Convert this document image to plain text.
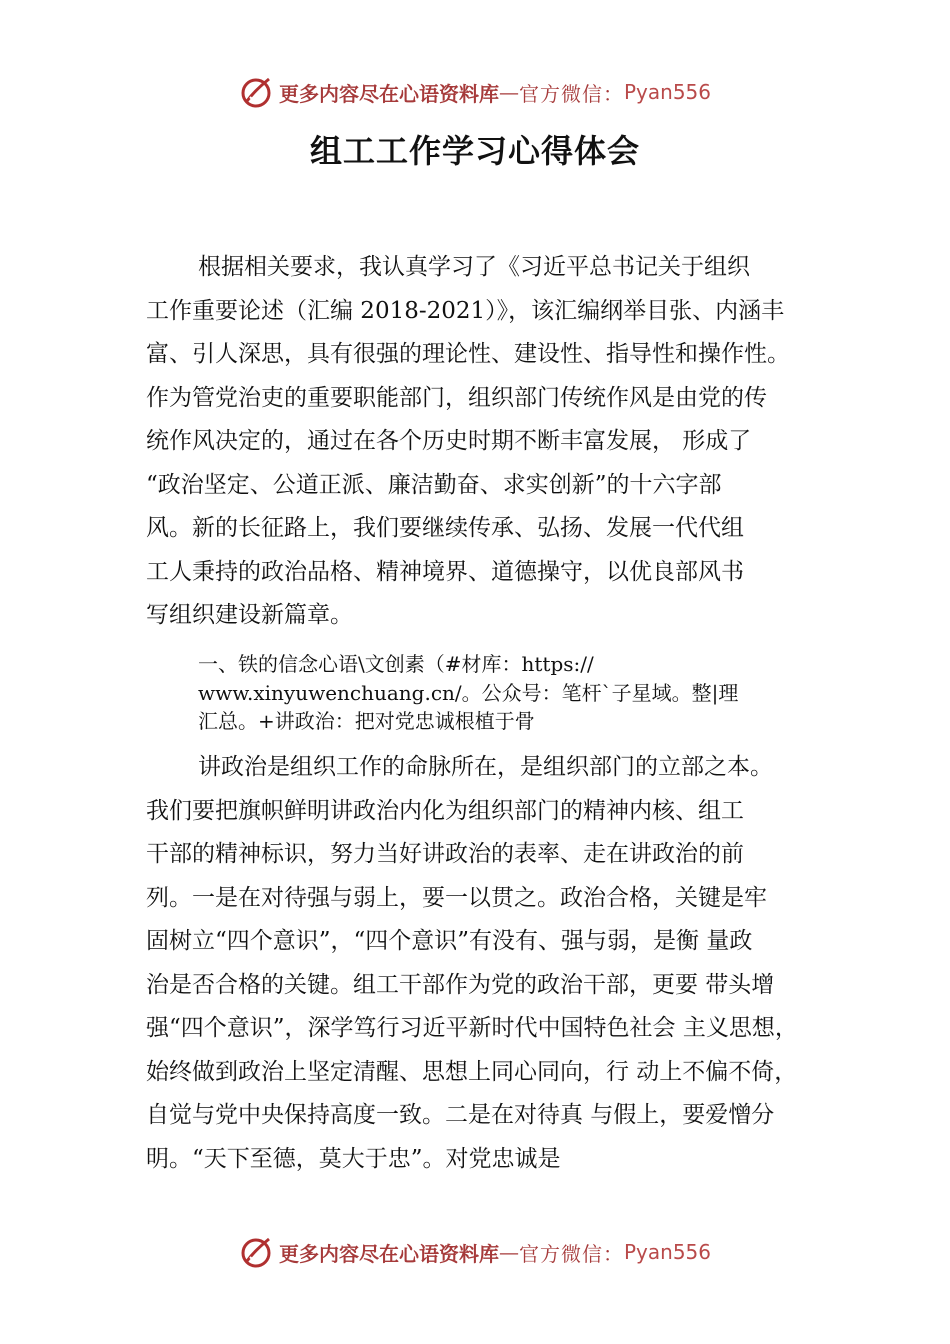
更多内容尽在心语资料库 — 官方微信： Pyan556
组工工作学习心得体会
根据相关要求，我认真学习了《习近平总书记关于组织
工作重要论述（汇编 2018-2021）》，该汇编纲举目张、内涵丰
富、引人深思，具有很强的理论性、建设性、指导性和操作性。
作为管党治吏的重要职能部门，组织部门传统作风是由党的传
统作风决定的，通过在各个历史时期不断丰富发展， 形成了
“政治坚定、公道正派、廉洁勤奋、求实创新”的十六字部
风。新的长征路上，我们要继续传承、弘扬、发展一代代组
工人秉持的政治品格、精神境界、道德操守，以优良部风书
写组织建设新篇章。
一、铁的信念心语\文创素（#材库：https://
www.xinyuwenchuang.cn/。公众号：笔杆`子星域。整|理
汇总。+讲政治：把对党忠诚根植于骨
讲政治是组织工作的命脉所在，是组织部门的立部之本。
我们要把旗帜鲜明讲政治内化为组织部门的精神内核、组工
干部的精神标识，努力当好讲政治的表率、走在讲政治的前
列。一是在对待强与弱上，要一以贯之。政治合格，关键是牢
固树立“四个意识”，“四个意识”有没有、强与弱，是衡 量政
治是否合格的关键。组工干部作为党的政治干部，更要 带头增
强“四个意识”，深学笃行习近平新时代中国特色社会 主义思想，
始终做到政治上坚定清醒、思想上同心同向，行 动上不偏不倚，
自觉与党中央保持高度一致。二是在对待真 与假上，要爱憎分
明。“天下至德，莫大于忠”。对党忠诚是
更多内容尽在心语资料库 — 官方微信： Pyan556
